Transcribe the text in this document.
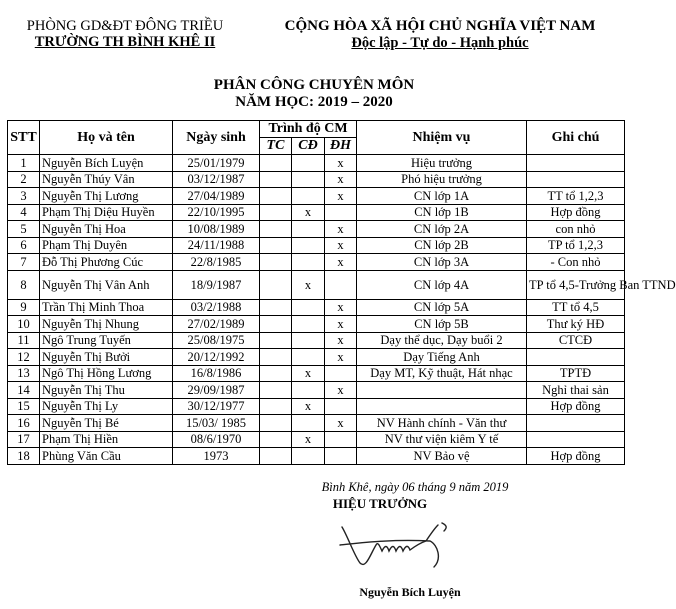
PHÒNG GD&ĐT ĐÔNG TRIỀU
TRƯỜNG TH BÌNH KHÊ II
CỘNG HÒA XÃ HỘI CHỦ NGHĨA VIỆT NAM
Độc lập - Tự do - Hạnh phúc
PHÂN CÔNG CHUYÊN MÔN
NĂM HỌC: 2019 – 2020
STT	Họ và tên	Ngày sinh	Trình độ CM			Nhiệm vụ	Ghi chú
			TC	CĐ	ĐH		
1	Nguyễn Bích Luyện	25/01/1979			x	Hiệu trưởng	
2	Nguyễn Thúy Vân	03/12/1987			x	Phó hiệu trưởng	
3	Nguyễn Thị Lương	27/04/1989			x	CN lớp 1A	TT tổ 1,2,3
4	Phạm Thị Diệu Huyền	22/10/1995		x		CN lớp 1B	Hợp đồng
5	Nguyễn Thị Hoa	10/08/1989			x	CN lớp 2A	con nhỏ
6	Phạm Thị Duyên	24/11/1988			x	CN lớp 2B	TP tổ 1,2,3
7	Đỗ Thị Phương Cúc	22/8/1985			x	CN lớp 3A	- Con nhỏ
8	Nguyễn Thị Vân Anh	18/9/1987		x		CN lớp 4A	TP tổ 4,5-Trưởng Ban TTND
9	Trần Thị Minh Thoa	03/2/1988			x	CN lớp 5A	TT tổ 4,5
10	Nguyễn Thị Nhung	27/02/1989			x	CN lớp 5B	Thư ký HĐ
11	Ngô Trung Tuyến	25/08/1975			x	Dạy thể dục, Dạy buổi 2	CTCĐ
12	Nguyễn Thị Bưởi	20/12/1992			x	Dạy Tiếng Anh	
13	Ngô Thị Hồng Lương	16/8/1986		x		Dạy MT, Kỹ thuật, Hát nhạc	TPTĐ
14	Nguyễn Thị Thu	29/09/1987			x		Nghỉ thai sản
15	Nguyễn Thị Ly	30/12/1977		x			Hợp đồng
16	Nguyễn Thị Bé	15/03/ 1985			x	NV Hành chính - Văn thư	
17	Phạm Thị Hiền	08/6/1970		x		NV thư viện kiêm Y tế	
18	Phùng Văn Cầu	1973				NV Bảo vệ	Hợp đồng
Bình Khê, ngày 06 tháng 9 năm 2019
HIỆU TRƯỞNG
Nguyễn Bích Luyện
